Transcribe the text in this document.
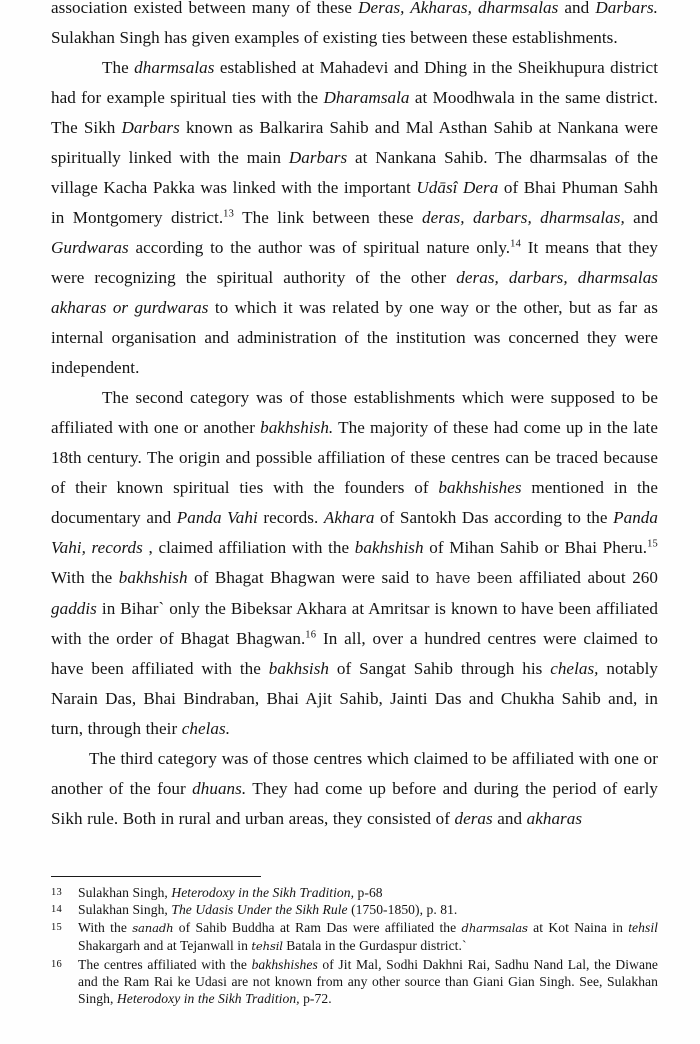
association existed between many of these Deras, Akharas, dharmsalas and Darbars. Sulakhan Singh has given examples of existing ties between these establishments.

The dharmsalas established at Mahadevi and Dhing in the Sheikhupura district had for example spiritual ties with the Dharamsala at Moodhwala in the same district. The Sikh Darbars known as Balkarira Sahib and Mal Asthan Sahib at Nankana were spiritually linked with the main Darbars at Nankana Sahib. The dharmsalas of the village Kacha Pakka was linked with the important Udāsî Dera of Bhai Phuman Sahh in Montgomery district.$^{13}$ The link between these deras, darbars, dharmsalas, and Gurdwaras according to the author was of spiritual nature only.$^{14}$ It means that they were recognizing the spiritual authority of the other deras, darbars, dharmsalas akharas or gurdwaras to which it was related by one way or the other, but as far as internal organisation and administration of the institution was concerned they were independent.

The second category was of those establishments which were supposed to be affiliated with one or another bakhshish. The majority of these had come up in the late 18th century. The origin and possible affiliation of these centres can be traced because of their known spiritual ties with the founders of bakhshishes mentioned in the documentary and Panda Vahi records. Akhara of Santokh Das according to the Panda Vahi, records , claimed affiliation with the bakhshish of Mihan Sahib or Bhai Pheru.$^{15}$ With the bakhshish of Bhagat Bhagwan were said to have been affiliated about 260 gaddis in Bihar` only the Bibeksar Akhara at Amritsar is known to have been affiliated with the order of Bhagat Bhagwan.$^{16}$ In all, over a hundred centres were claimed to have been affiliated with the bakhsish of Sangat Sahib through his chelas, notably Narain Das, Bhai Bindraban, Bhai Ajit Sahib, Jainti Das and Chukha Sahib and, in turn, through their chelas.

The third category was of those centres which claimed to be affiliated with one or another of the four dhuans. They had come up before and during the period of early Sikh rule. Both in rural and urban areas, they consisted of deras and akharas

13 Sulakhan Singh, Heterodoxy in the Sikh Tradition, p-68
14 Sulakhan Singh, The Udasis Under the Sikh Rule (1750-1850), p. 81.
15 With the sanadh of Sahib Buddha at Ram Das were affiliated the dharmsalas at Kot Naina in tehsil Shakargarh and at Tejanwall in tehsil Batala in the Gurdaspur district.`
16 The centres affiliated with the bakhshishes of Jit Mal, Sodhi Dakhni Rai, Sadhu Nand Lal, the Diwane and the Ram Rai ke Udasi are not known from any other source than Giani Gian Singh. See, Sulakhan Singh, Heterodoxy in the Sikh Tradition, p-72.
